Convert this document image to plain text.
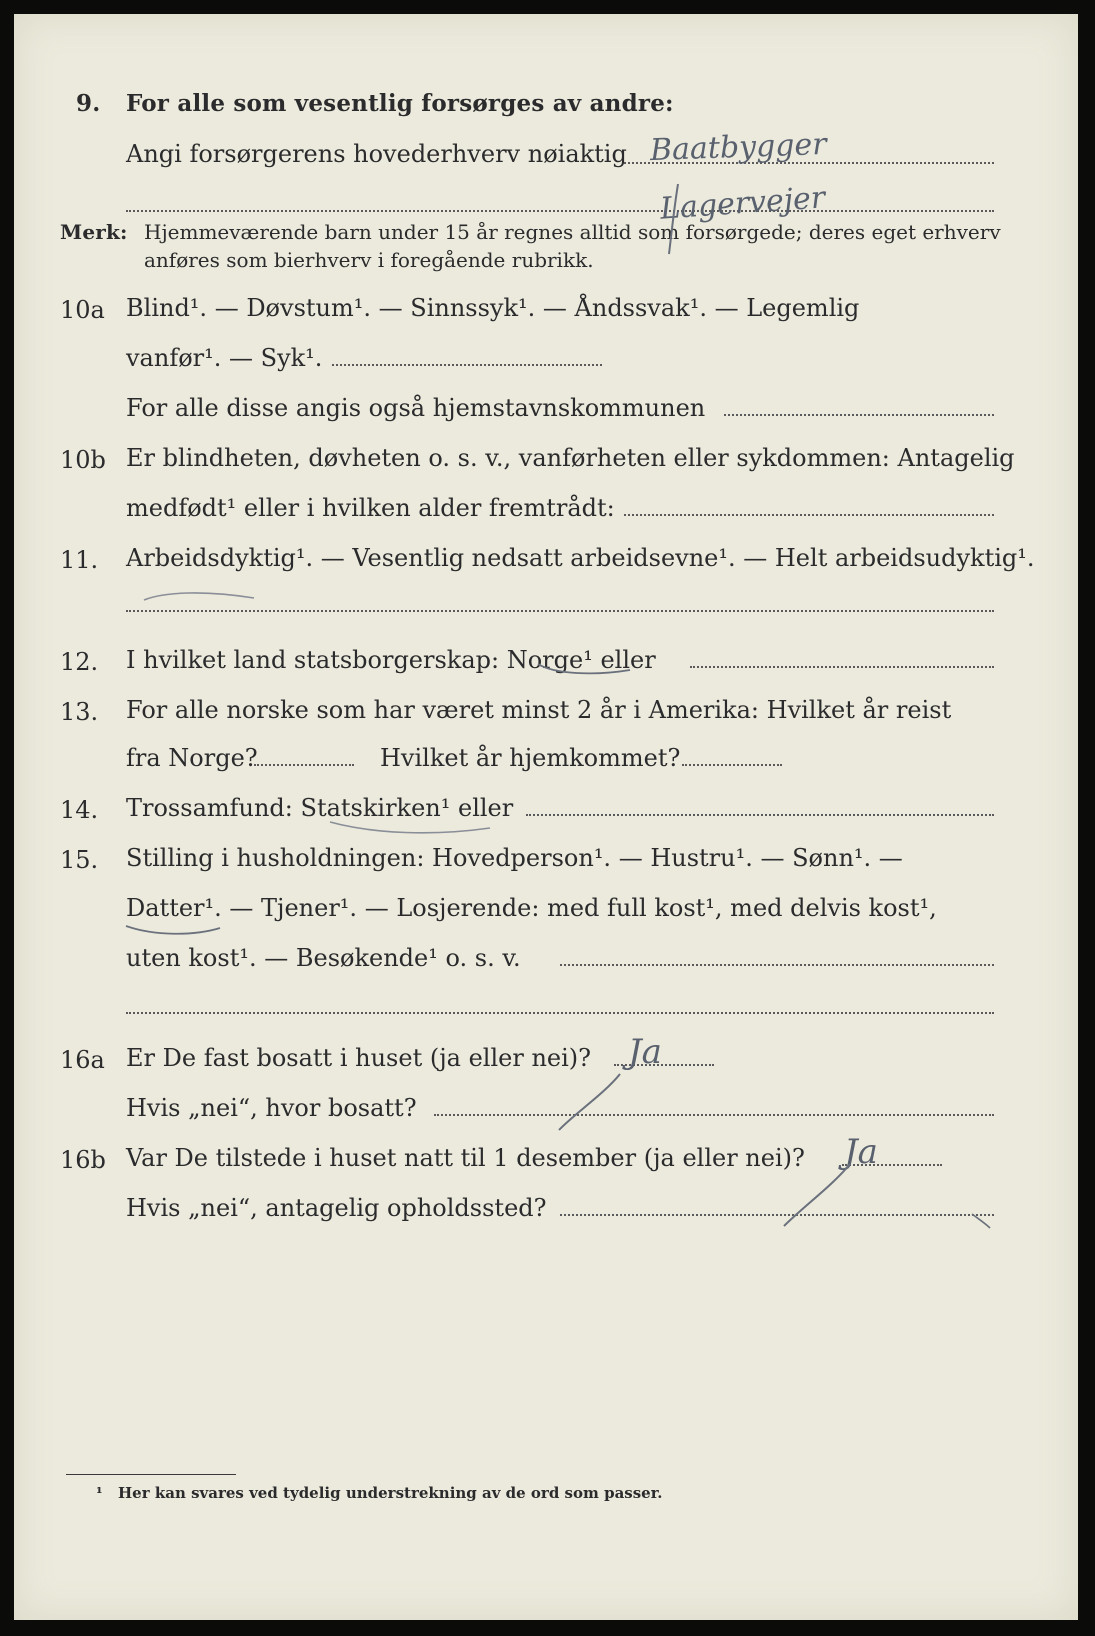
9. For alle som vesentlig forsørges av andre:
Angi forsørgerens hovederhverv nøiaktig
Merk: Hjemmeværende barn under 15 år regnes alltid som forsørgede; deres eget erhverv
anføres som bierhverv i foregående rubrikk.
10a Blind¹. — Døvstum¹. — Sinnssyk¹. — Åndssvak¹. — Legemlig
vanfør¹. — Syk¹.
For alle disse angis også hjemstavnskommunen
10b Er blindheten, døvheten o. s. v., vanførheten eller sykdommen: Antagelig
medfødt¹ eller i hvilken alder fremtrådt:
11. Arbeidsdyktig¹. — Vesentlig nedsatt arbeidsevne¹. — Helt arbeidsudyktig¹.
12. I hvilket land statsborgerskap: Norge¹ eller
13. For alle norske som har været minst 2 år i Amerika: Hvilket år reist
fra Norge?	Hvilket år hjemkommet?
14. Trossamfund: Statskirken¹ eller
15. Stilling i husholdningen: Hovedperson¹. — Hustru¹. — Sønn¹. —
Datter¹. — Tjener¹. — Losjerende: med full kost¹, med delvis kost¹,
uten kost¹. — Besøkende¹ o. s. v.
16a Er De fast bosatt i huset (ja eller nei)?
Hvis „nei“, hvor bosatt?
16b Var De tilstede i huset natt til 1 desember (ja eller nei)?
Hvis „nei“, antagelig opholdssted?
¹ Her kan svares ved tydelig understrekning av de ord som passer.
Baatbygger
Lagervejer
Ja
Ja
